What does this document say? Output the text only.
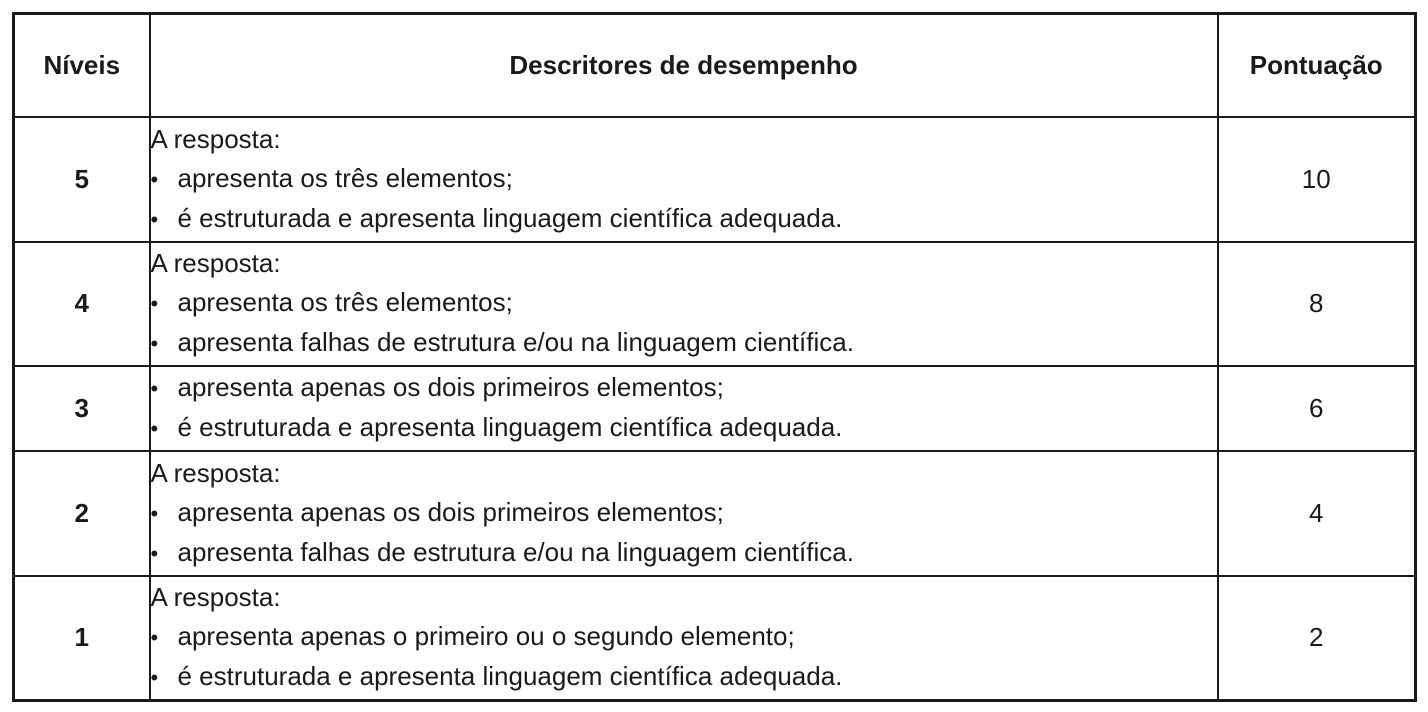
Níveis	Descritores de desempenho	Pontuação
5	A resposta:
• apresenta os três elementos;
• é estruturada e apresenta linguagem científica adequada.	10
4	A resposta:
• apresenta os três elementos;
• apresenta falhas de estrutura e/ou na linguagem científica.	8
3	• apresenta apenas os dois primeiros elementos;
• é estruturada e apresenta linguagem científica adequada.	6
2	A resposta:
• apresenta apenas os dois primeiros elementos;
• apresenta falhas de estrutura e/ou na linguagem científica.	4
1	A resposta:
• apresenta apenas o primeiro ou o segundo elemento;
• é estruturada e apresenta linguagem científica adequada.	2
